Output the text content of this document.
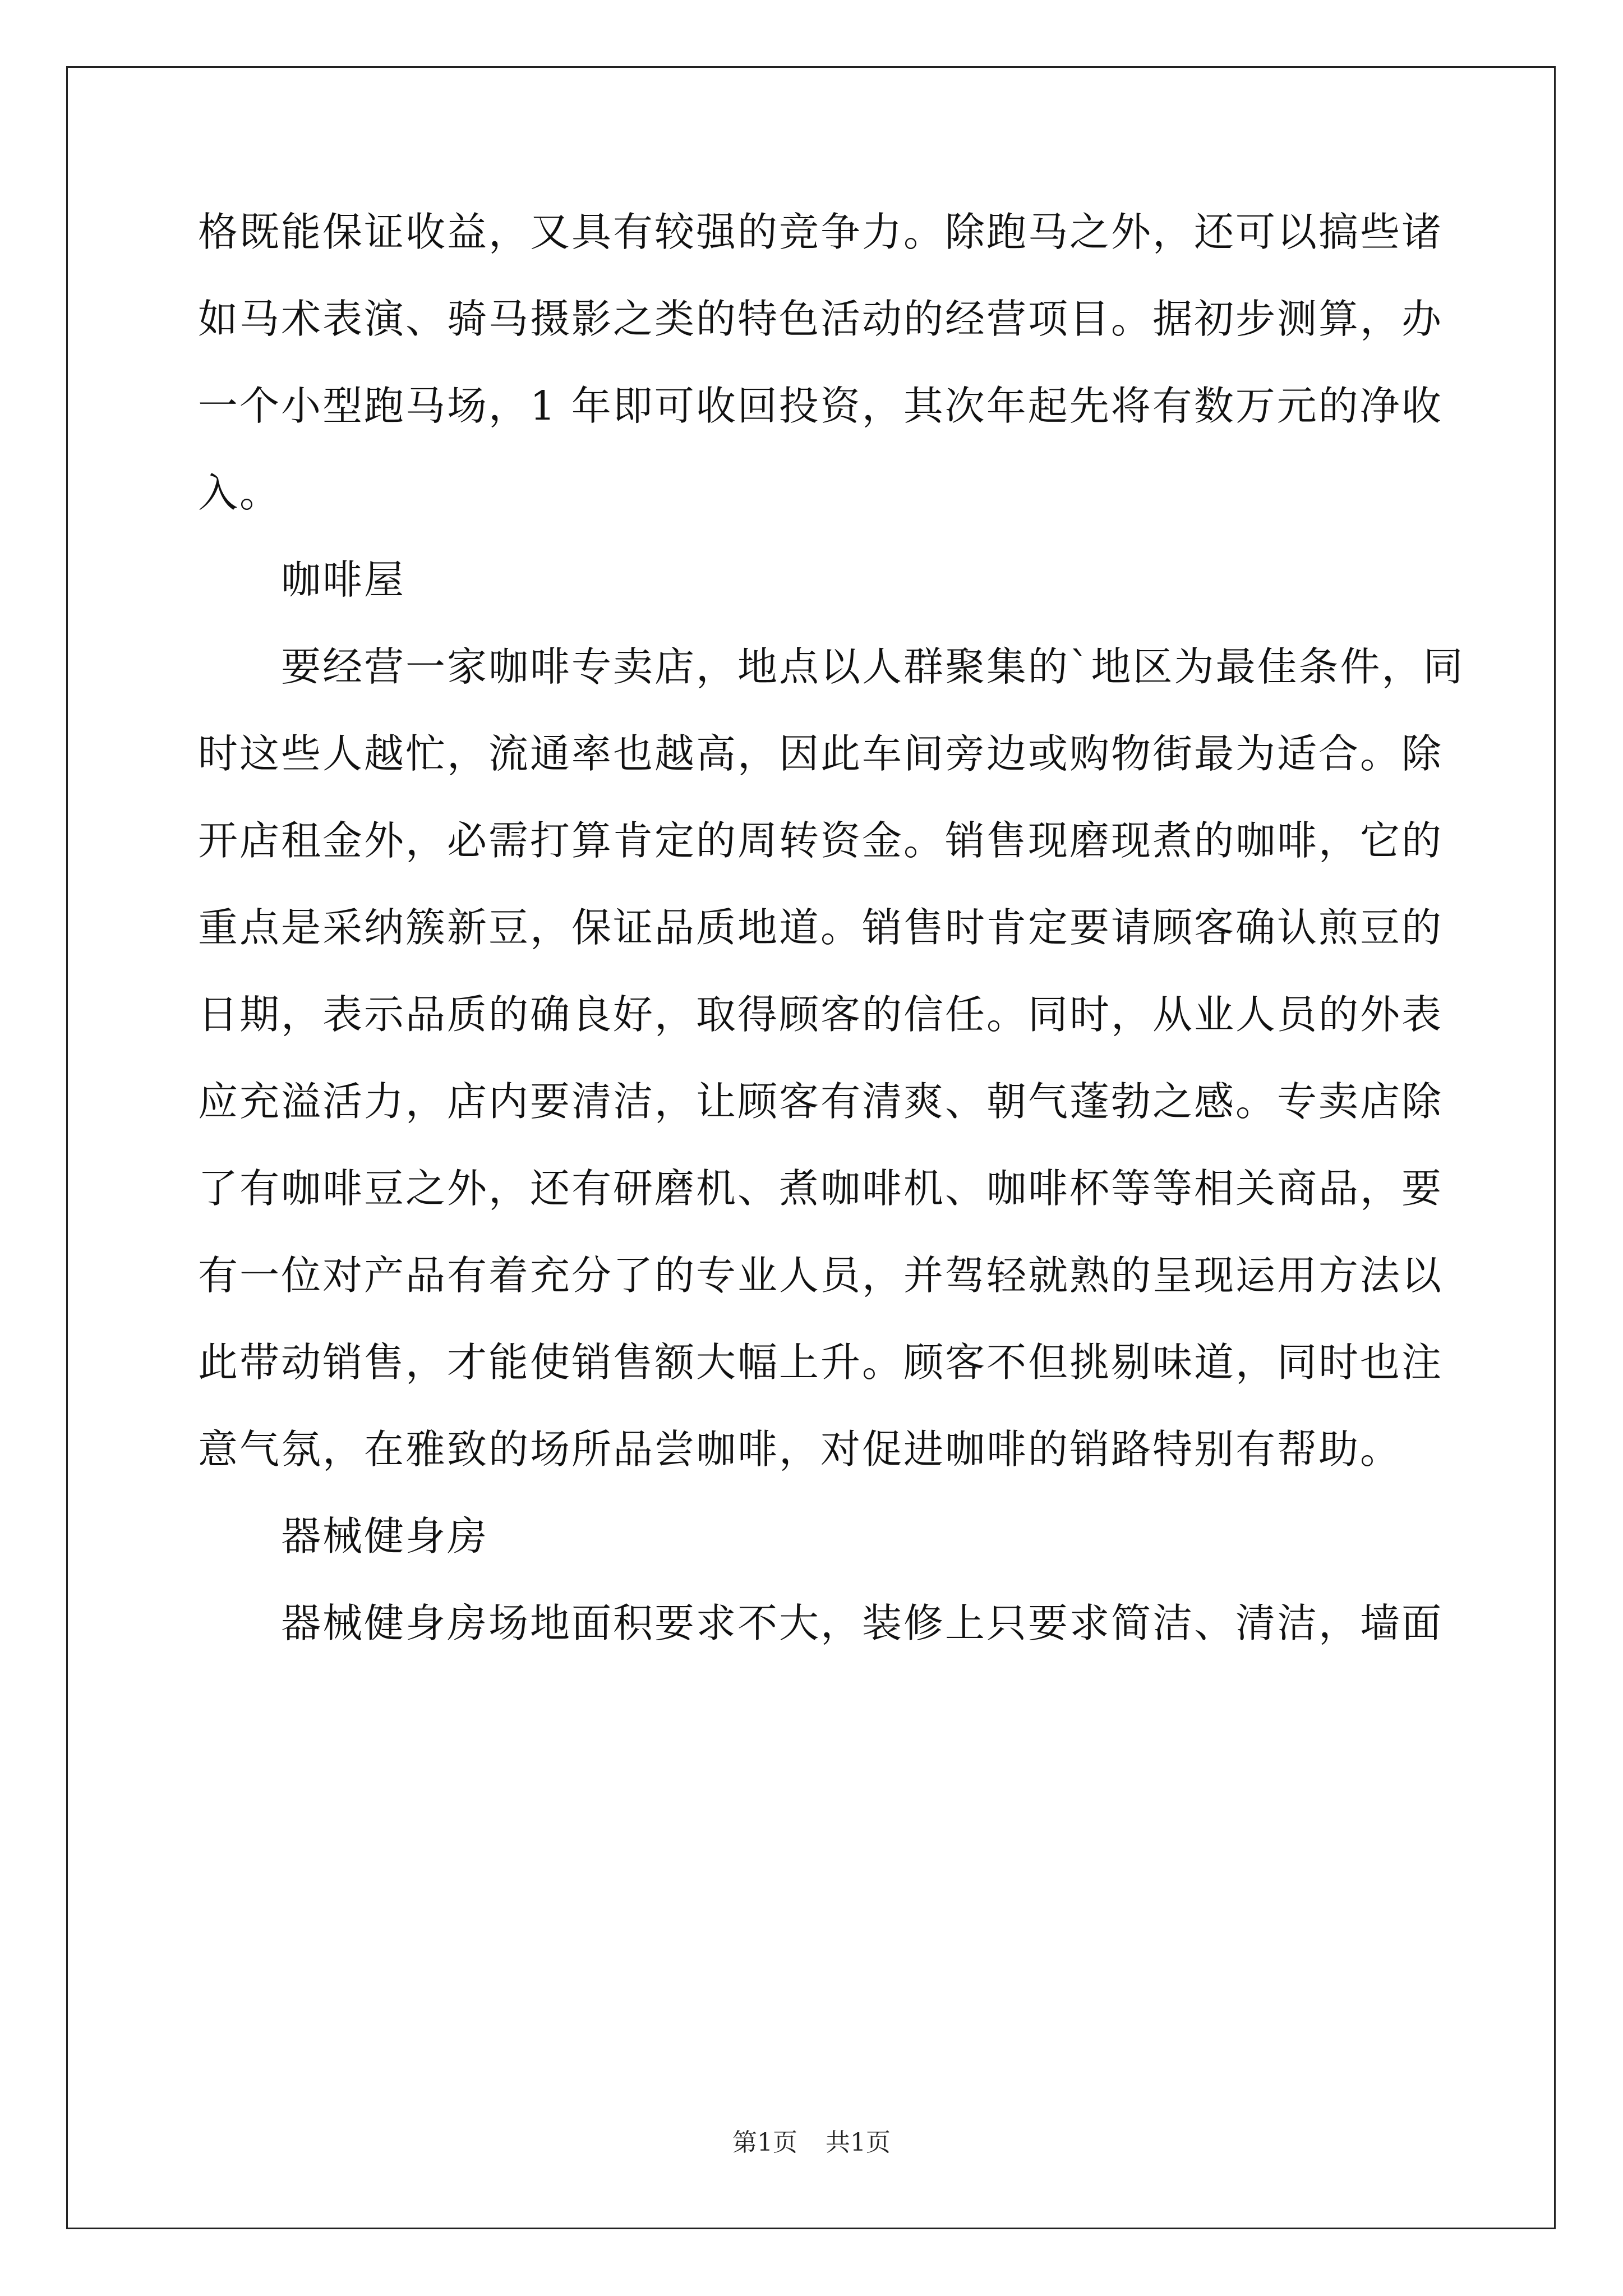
格既能保证收益，又具有较强的竞争力。除跑马之外，还可以搞些诸

如马术表演、骑马摄影之类的特色活动的经营项目。据初步测算，办

一个小型跑马场，1 年即可收回投资，其次年起先将有数万元的净收

入。

咖啡屋

要经营一家咖啡专卖店，地点以人群聚集的`地区为最佳条件，同

时这些人越忙，流通率也越高，因此车间旁边或购物街最为适合。除

开店租金外，必需打算肯定的周转资金。销售现磨现煮的咖啡，它的

重点是采纳簇新豆，保证品质地道。销售时肯定要请顾客确认煎豆的

日期，表示品质的确良好，取得顾客的信任。同时，从业人员的外表

应充溢活力，店内要清洁，让顾客有清爽、朝气蓬勃之感。专卖店除

了有咖啡豆之外，还有研磨机、煮咖啡机、咖啡杯等等相关商品，要

有一位对产品有着充分了的专业人员，并驾轻就熟的呈现运用方法以

此带动销售，才能使销售额大幅上升。顾客不但挑剔味道，同时也注

意气氛，在雅致的场所品尝咖啡，对促进咖啡的销路特别有帮助。

器械健身房

器械健身房场地面积要求不大，装修上只要求简洁、清洁，墙面

第1页 共1页
